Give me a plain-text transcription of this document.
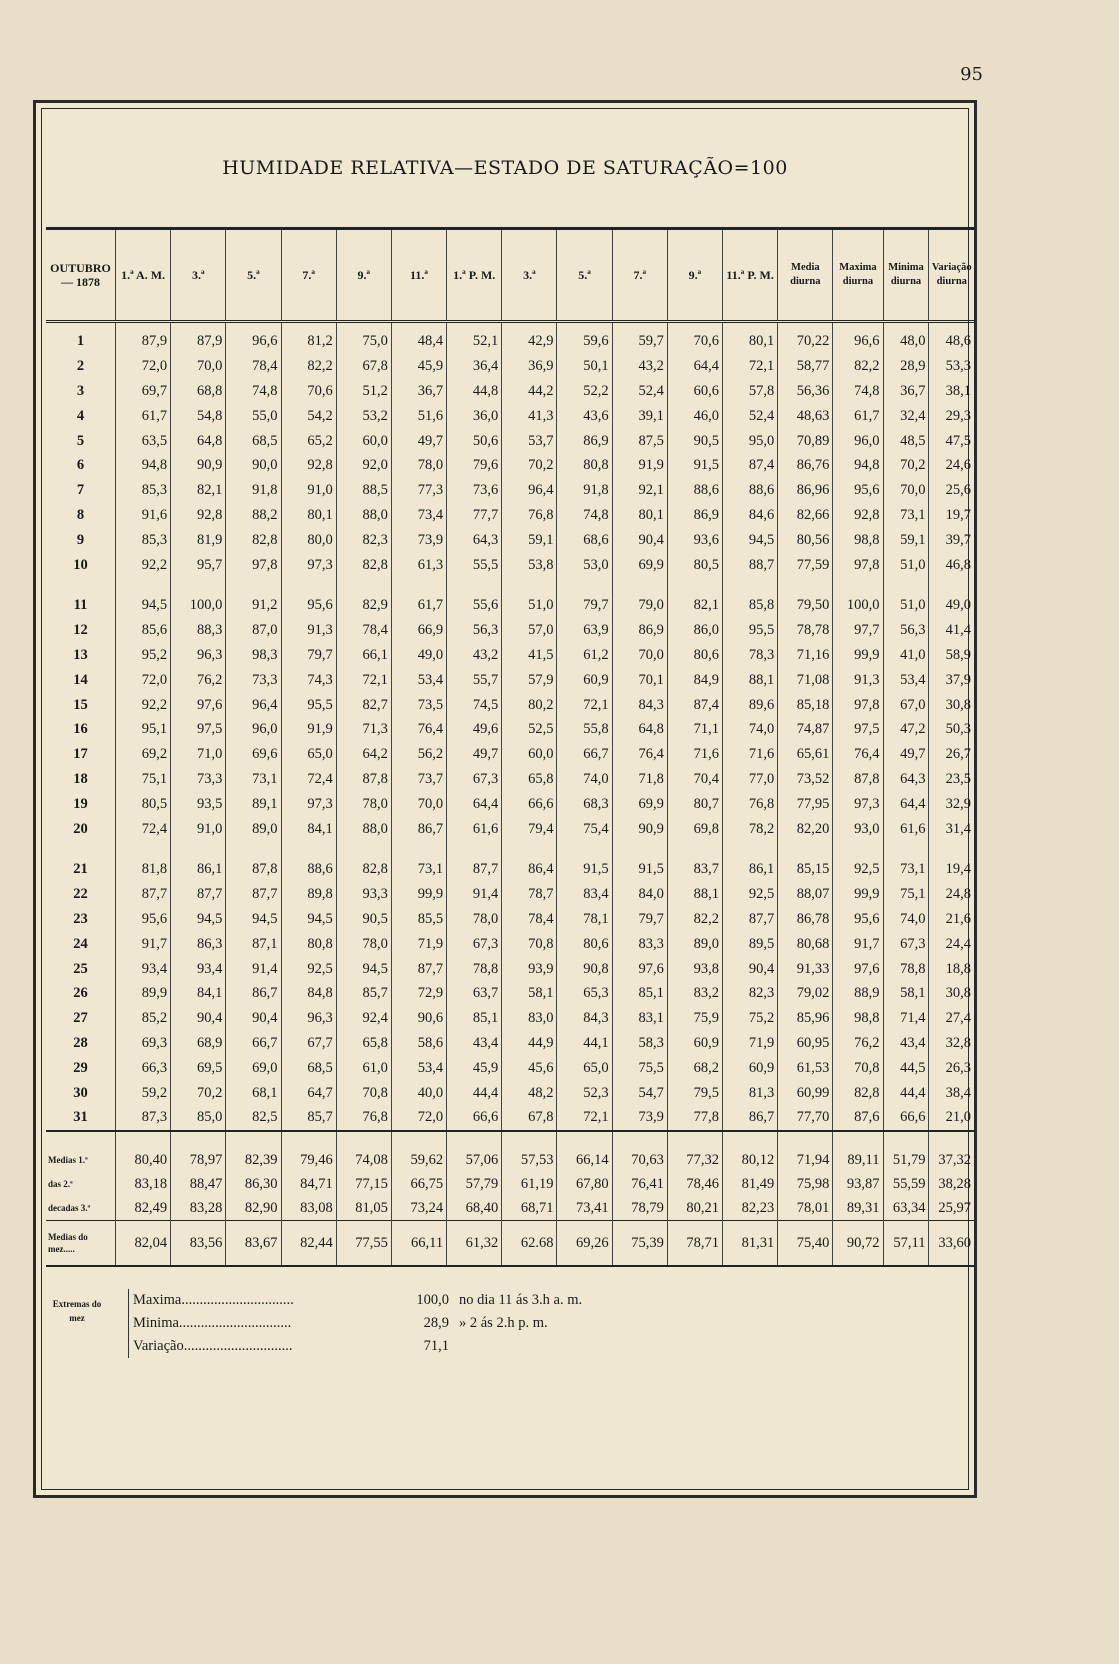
95
HUMIDADE RELATIVA—ESTADO DE SATURAÇÃO=100
OUTUBRO — 1878	1.ª A. M.	3.ª	5.ª	7.ª	9.ª	11.ª	1.ª P. M.	3.ª	5.ª	7.ª	9.ª	11.ª P. M.	Media diurna	Maxima diurna	Minima diurna	Variação diurna
1	87,9	87,9	96,6	81,2	75,0	48,4	52,1	42,9	59,6	59,7	70,6	80,1	70,22	96,6	48,0	48,6
2	72,0	70,0	78,4	82,2	67,8	45,9	36,4	36,9	50,1	43,2	64,4	72,1	58,77	82,2	28,9	53,3
3	69,7	68,8	74,8	70,6	51,2	36,7	44,8	44,2	52,2	52,4	60,6	57,8	56,36	74,8	36,7	38,1
4	61,7	54,8	55,0	54,2	53,2	51,6	36,0	41,3	43,6	39,1	46,0	52,4	48,63	61,7	32,4	29,3
5	63,5	64,8	68,5	65,2	60,0	49,7	50,6	53,7	86,9	87,5	90,5	95,0	70,89	96,0	48,5	47,5
6	94,8	90,9	90,0	92,8	92,0	78,0	79,6	70,2	80,8	91,9	91,5	87,4	86,76	94,8	70,2	24,6
7	85,3	82,1	91,8	91,0	88,5	77,3	73,6	96,4	91,8	92,1	88,6	88,6	86,96	95,6	70,0	25,6
8	91,6	92,8	88,2	80,1	88,0	73,4	77,7	76,8	74,8	80,1	86,9	84,6	82,66	92,8	73,1	19,7
9	85,3	81,9	82,8	80,0	82,3	73,9	64,3	59,1	68,6	90,4	93,6	94,5	80,56	98,8	59,1	39,7
10	92,2	95,7	97,8	97,3	82,8	61,3	55,5	53,8	53,0	69,9	80,5	88,7	77,59	97,8	51,0	46,8

11	94,5	100,0	91,2	95,6	82,9	61,7	55,6	51,0	79,7	79,0	82,1	85,8	79,50	100,0	51,0	49,0
12	85,6	88,3	87,0	91,3	78,4	66,9	56,3	57,0	63,9	86,9	86,0	95,5	78,78	97,7	56,3	41,4
13	95,2	96,3	98,3	79,7	66,1	49,0	43,2	41,5	61,2	70,0	80,6	78,3	71,16	99,9	41,0	58,9
14	72,0	76,2	73,3	74,3	72,1	53,4	55,7	57,9	60,9	70,1	84,9	88,1	71,08	91,3	53,4	37,9
15	92,2	97,6	96,4	95,5	82,7	73,5	74,5	80,2	72,1	84,3	87,4	89,6	85,18	97,8	67,0	30,8
16	95,1	97,5	96,0	91,9	71,3	76,4	49,6	52,5	55,8	64,8	71,1	74,0	74,87	97,5	47,2	50,3
17	69,2	71,0	69,6	65,0	64,2	56,2	49,7	60,0	66,7	76,4	71,6	71,6	65,61	76,4	49,7	26,7
18	75,1	73,3	73,1	72,4	87,8	73,7	67,3	65,8	74,0	71,8	70,4	77,0	73,52	87,8	64,3	23,5
19	80,5	93,5	89,1	97,3	78,0	70,0	64,4	66,6	68,3	69,9	80,7	76,8	77,95	97,3	64,4	32,9
20	72,4	91,0	89,0	84,1	88,0	86,7	61,6	79,4	75,4	90,9	69,8	78,2	82,20	93,0	61,6	31,4

21	81,8	86,1	87,8	88,6	82,8	73,1	87,7	86,4	91,5	91,5	83,7	86,1	85,15	92,5	73,1	19,4
22	87,7	87,7	87,7	89,8	93,3	99,9	91,4	78,7	83,4	84,0	88,1	92,5	88,07	99,9	75,1	24,8
23	95,6	94,5	94,5	94,5	90,5	85,5	78,0	78,4	78,1	79,7	82,2	87,7	86,78	95,6	74,0	21,6
24	91,7	86,3	87,1	80,8	78,0	71,9	67,3	70,8	80,6	83,3	89,0	89,5	80,68	91,7	67,3	24,4
25	93,4	93,4	91,4	92,5	94,5	87,7	78,8	93,9	90,8	97,6	93,8	90,4	91,33	97,6	78,8	18,8
26	89,9	84,1	86,7	84,8	85,7	72,9	63,7	58,1	65,3	85,1	83,2	82,3	79,02	88,9	58,1	30,8
27	85,2	90,4	90,4	96,3	92,4	90,6	85,1	83,0	84,3	83,1	75,9	75,2	85,96	98,8	71,4	27,4
28	69,3	68,9	66,7	67,7	65,8	58,6	43,4	44,9	44,1	58,3	60,9	71,9	60,95	76,2	43,4	32,8
29	66,3	69,5	69,0	68,5	61,0	53,4	45,9	45,6	65,0	75,5	68,2	60,9	61,53	70,8	44,5	26,3
30	59,2	70,2	68,1	64,7	70,8	40,0	44,4	48,2	52,3	54,7	79,5	81,3	60,99	82,8	44,4	38,4
31	87,3	85,0	82,5	85,7	76,8	72,0	66,6	67,8	72,1	73,9	77,8	86,7	77,70	87,6	66,6	21,0

Medias 1.ª	80,40	78,97	82,39	79,46	74,08	59,62	57,06	57,53	66,14	70,63	77,32	80,12	71,94	89,11	51,79	37,32
das 2.ª	83,18	88,47	86,30	84,71	77,15	66,75	57,79	61,19	67,80	76,41	78,46	81,49	75,98	93,87	55,59	38,28
decadas 3.ª	82,49	83,28	82,90	83,08	81,05	73,24	68,40	68,71	73,41	78,79	80,21	82,23	78,01	89,31	63,34	25,97
Medias do mez.....	82,04	83,56	83,67	82,44	77,55	66,11	61,32	62.68	69,26	75,39	78,71	81,31	75,40	90,72	57,11	33,60
Extremas do mez
Maxima...............................	100,0 no dia 11 ás 3.h a. m.
Minima...............................	28,9 » 2 ás 2.h p. m.
Variação..............................	71,1
